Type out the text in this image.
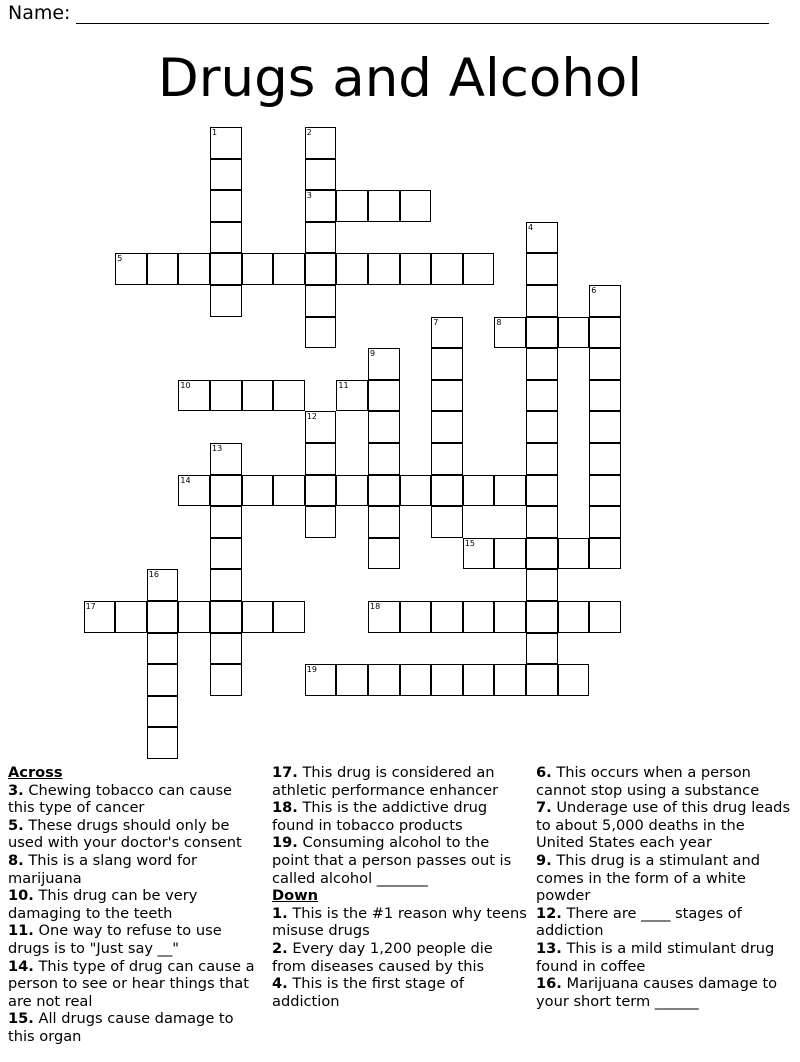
Name:
Drugs and Alcohol
1	2
3
4
5
6
7	8
9
10	11
12
13
14
15
16
17	18
19
Across
3. Chewing tobacco can cause this type of cancer
5. These drugs should only be used with your doctor's consent
8. This is a slang word for marijuana
10. This drug can be very damaging to the teeth
11. One way to refuse to use drugs is to "Just say __"
14. This type of drug can cause a person to see or hear things that are not real
15. All drugs cause damage to this organ
17. This drug is considered an athletic performance enhancer
18. This is the addictive drug found in tobacco products
19. Consuming alcohol to the point that a person passes out is called alcohol _______
Down
1. This is the #1 reason why teens misuse drugs
2. Every day 1,200 people die from diseases caused by this
4. This is the first stage of addiction
6. This occurs when a person cannot stop using a substance
7. Underage use of this drug leads to about 5,000 deaths in the United States each year
9. This drug is a stimulant and comes in the form of a white powder
12. There are ____ stages of addiction
13. This is a mild stimulant drug found in coffee
16. Marijuana causes damage to your short term ______
